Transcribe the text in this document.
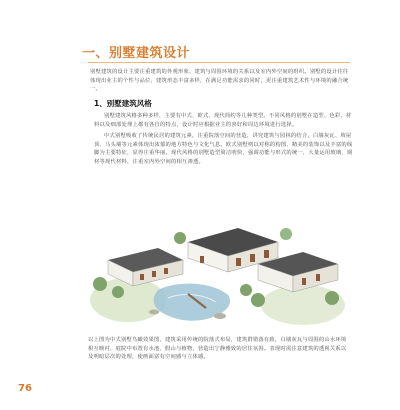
一、别墅建筑设计
别墅建筑的设计主要注重建筑的外观形象、建筑与周围环境的关系以及室内外空间的组织。别墅的设计往往体现出业主的个性与品位，建筑形态丰富多样，在满足功能需求的同时，更注重建筑艺术性与环境的融合统一。
1、别墅建筑风格

别墅建筑风格多种多样，主要有中式、欧式、现代简约等几种类型。不同风格的别墅在造型、色彩、材料以及细部处理上都有各自的特点，设计时应根据业主的喜好和周边环境进行选择。

中式别墅吸收了传统民居的建筑元素，注重院落空间的营造，讲究建筑与园林的结合，白墙灰瓦、坡屋顶、马头墙等元素体现出浓郁的地方特色与文化气息。欧式别墅则以对称的构图、精美的装饰以及丰富的线脚为主要特征，显得庄重华丽。现代风格的别墅造型简洁明快，强调功能与形式的统一，大量运用玻璃、钢材等现代材料，注重室内外空间的相互渗透。

以上图为中式别墅鸟瞰效果图，建筑采用传统的院落式布局，建筑群错落有致，白墙灰瓦与周围的山水环境相互映衬，庭院中布置有水池、假山与植物，营造出宁静雅致的居住氛围。表现时需注意建筑的透视关系以及明暗层次的处理，使画面富有空间感与立体感。
76
